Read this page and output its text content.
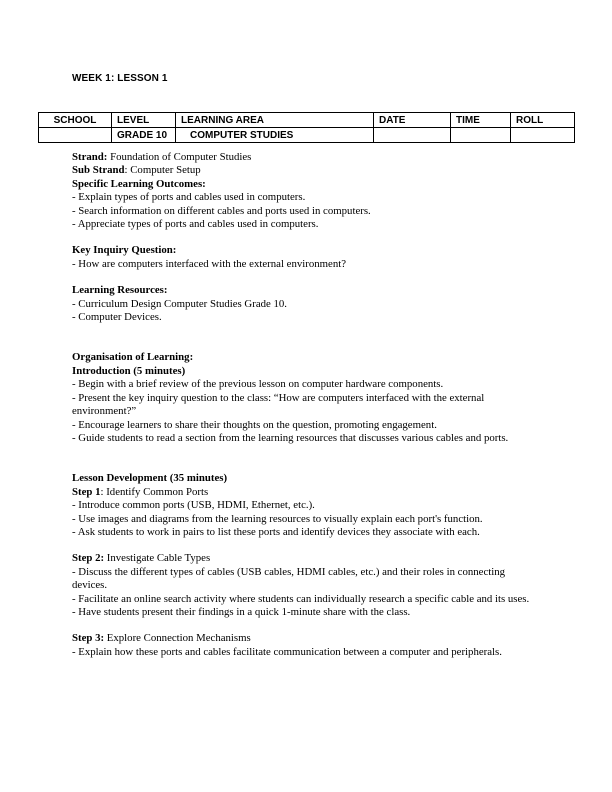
WEEK 1: LESSON 1
SCHOOL	LEVEL	LEARNING AREA	DATE	TIME	ROLL
	GRADE 10	COMPUTER STUDIES			

Strand: Foundation of Computer Studies

Sub Strand: Computer Setup

Specific Learning Outcomes:

- Explain types of ports and cables used in computers.

- Search information on different cables and ports used in computers.

- Appreciate types of ports and cables used in computers.

Key Inquiry Question:

- How are computers interfaced with the external environment?

Learning Resources:

- Curriculum Design Computer Studies Grade 10.

- Computer Devices.

Organisation of Learning:

Introduction (5 minutes)

- Begin with a brief review of the previous lesson on computer hardware components.

- Present the key inquiry question to the class: “How are computers interfaced with the external environment?”

- Encourage learners to share their thoughts on the question, promoting engagement.

- Guide students to read a section from the learning resources that discusses various cables and ports.

Lesson Development (35 minutes)

Step 1: Identify Common Ports

- Introduce common ports (USB, HDMI, Ethernet, etc.).

- Use images and diagrams from the learning resources to visually explain each port's function.

- Ask students to work in pairs to list these ports and identify devices they associate with each.

Step 2: Investigate Cable Types

- Discuss the different types of cables (USB cables, HDMI cables, etc.) and their roles in connecting devices.

- Facilitate an online search activity where students can individually research a specific cable and its uses.

- Have students present their findings in a quick 1-minute share with the class.

Step 3: Explore Connection Mechanisms

- Explain how these ports and cables facilitate communication between a computer and peripherals.
